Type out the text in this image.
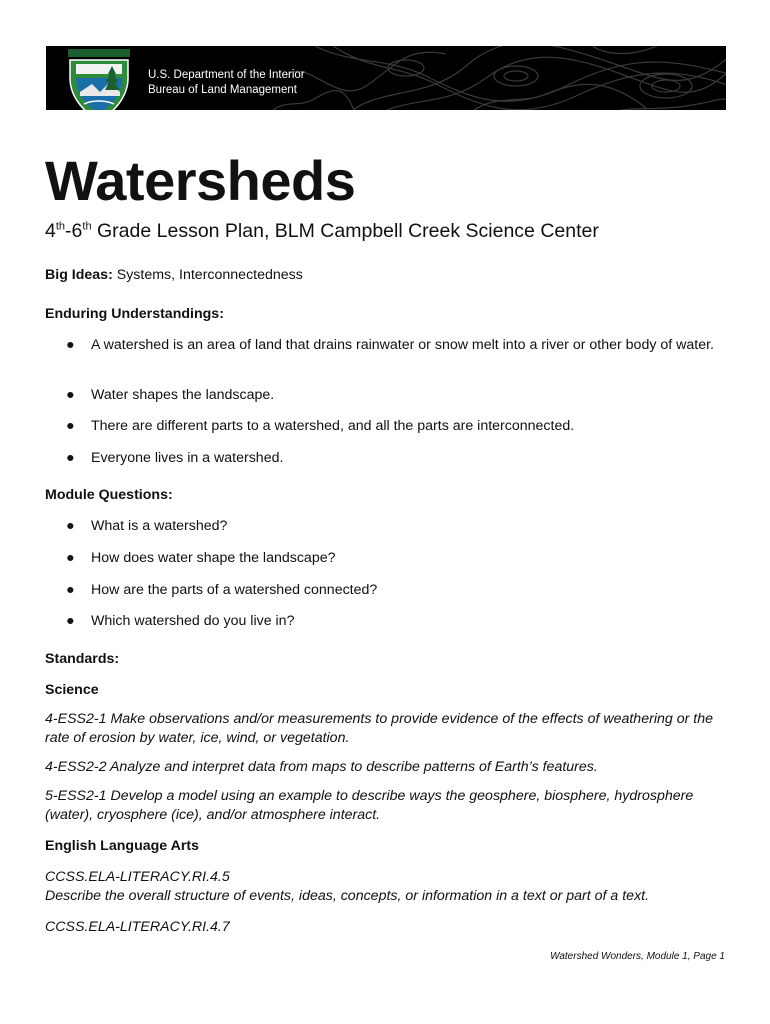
U.S. Department of the Interior
Bureau of Land Management
Watersheds
4th-6th Grade Lesson Plan, BLM Campbell Creek Science Center
Big Ideas: Systems, Interconnectedness
Enduring Understandings:
● A watershed is an area of land that drains rainwater or snow melt into a river or other body of water.
● Water shapes the landscape.
● There are different parts to a watershed, and all the parts are interconnected.
● Everyone lives in a watershed.
Module Questions:
● What is a watershed?
● How does water shape the landscape?
● How are the parts of a watershed connected?
● Which watershed do you live in?
Standards:
Science
4-ESS2-1 Make observations and/or measurements to provide evidence of the effects of weathering or the rate of erosion by water, ice, wind, or vegetation.
4-ESS2-2 Analyze and interpret data from maps to describe patterns of Earth’s features.
5-ESS2-1 Develop a model using an example to describe ways the geosphere, biosphere, hydrosphere (water), cryosphere (ice), and/or atmosphere interact.
English Language Arts
CCSS.ELA-LITERACY.RI.4.5
Describe the overall structure of events, ideas, concepts, or information in a text or part of a text.
CCSS.ELA-LITERACY.RI.4.7
Watershed Wonders, Module 1, Page 1
